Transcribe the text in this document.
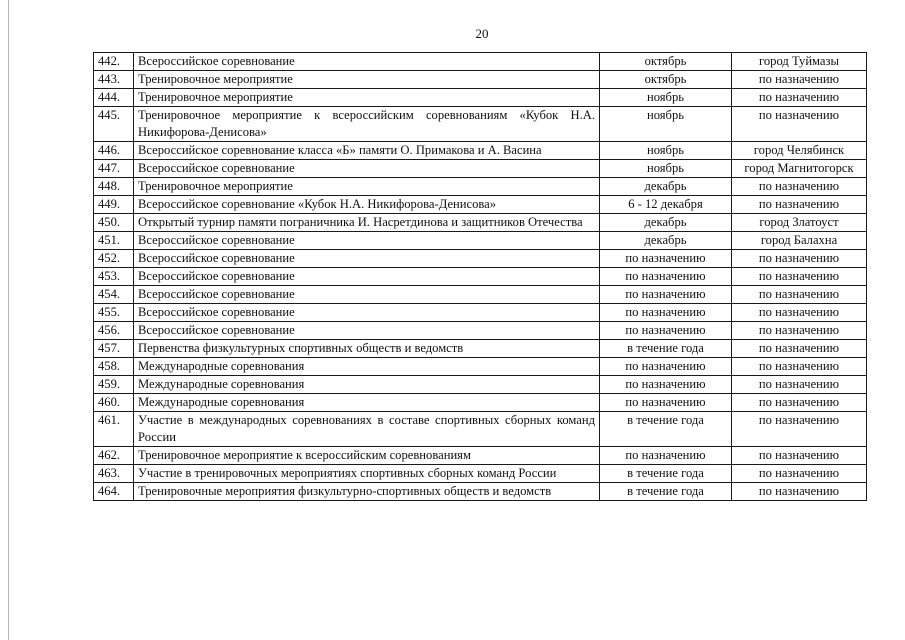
20
442.	Всероссийское соревнование	октябрь	город Туймазы
443.	Тренировочное мероприятие	октябрь	по назначению
444.	Тренировочное мероприятие	ноябрь	по назначению
445.	Тренировочное мероприятие к всероссийским соревнованиям «Кубок Н.А. Никифорова-Денисова»	ноябрь	по назначению
446.	Всероссийское соревнование класса «Б» памяти О. Примакова и А. Васина	ноябрь	город Челябинск
447.	Всероссийское соревнование	ноябрь	город Магнитогорск
448.	Тренировочное мероприятие	декабрь	по назначению
449.	Всероссийское соревнование «Кубок Н.А. Никифорова-Денисова»	6 - 12 декабря	по назначению
450.	Открытый турнир памяти пограничника И. Насретдинова и защитников Отечества	декабрь	город Златоуст
451.	Всероссийское соревнование	декабрь	город Балахна
452.	Всероссийское соревнование	по назначению	по назначению
453.	Всероссийское соревнование	по назначению	по назначению
454.	Всероссийское соревнование	по назначению	по назначению
455.	Всероссийское соревнование	по назначению	по назначению
456.	Всероссийское соревнование	по назначению	по назначению
457.	Первенства физкультурных спортивных обществ и ведомств	в течение года	по назначению
458.	Международные соревнования	по назначению	по назначению
459.	Международные соревнования	по назначению	по назначению
460.	Международные соревнования	по назначению	по назначению
461.	Участие в международных соревнованиях в составе спортивных сборных команд России	в течение года	по назначению
462.	Тренировочное мероприятие к всероссийским соревнованиям	по назначению	по назначению
463.	Участие в тренировочных мероприятиях спортивных сборных команд России	в течение года	по назначению
464.	Тренировочные мероприятия физкультурно-спортивных обществ и ведомств	в течение года	по назначению
